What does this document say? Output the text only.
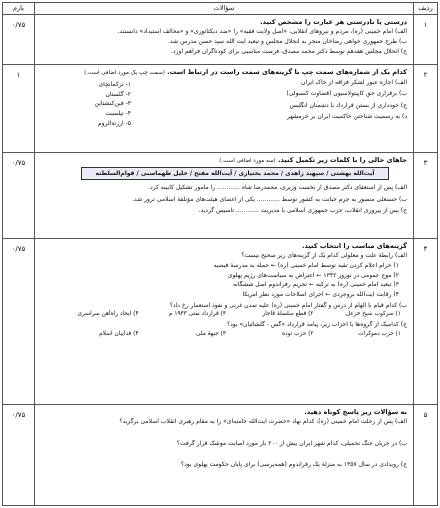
ردیف
سؤالات
بارم
۱
درستی یا نادرستی هر عبارت را مشخص کنید.
الف) امام خمینی (ره)، مردم و نیروهای انقلابی، «اصل ولایت فقیه» را «ضد دیکتاتوری» و «مخالف استبداد» دانستند.
ب) طرح جمهوری خواهی رضاخان منجر به انحلال مجلس و تبعید آیت الله سید حسن مدرس شد.
ج) انحلال مجلس هفدهم توسط دکتر محمد مصدق، فرصت مناسبی برای کودتاگران فراهم آورد.
۰/۷۵
۲
کدام یک از شماره‌های سمت چپ با گزینه‌های سمت راست در ارتباط است. (سمت چپ یک مورد اضافی است.)
الف) اجازه عبور لشکر قزاقه از خاک ایران
ب) برقراری حق کاپیتولاسیون (قضاوت کنسولی)
ج) خودداری از بستن قرارداد با دشمنان انگلیس
د) به رسمیت شناختن حاکمیت ایران بر خرمشهر
۱- ترکمانچای
۲- گلستان
۳- فین‌کنشتاین
۴- تیلسیت
۵- ارزنة‌الروم
۱
۳
جاهای خالی را با کلمات زیر تکمیل کنید. (سه مورد اضافی است.)
آیت‌الله بهشتی / سپهبد زاهدی / محمد بختیاری / آیت‌الله مفتح / خلیل طهماسبی / قوام‌السلطنه
الف) پس از استعفای دکتر مصدق از نخست وزیری، محمدرضا شاه ............ را مأمور تشکیل کابینه کرد.
ب) حسنعلی منصور به جرم خیانت به کشور توسط ............ یکی از اعضای هیئت‌های مؤتلفهٔ اسلامی ترور شد.
ج) پس از پیروزی انقلاب، حزب جمهوری اسلامی با مدیریت ............ تأسیس گردید.
۰/۷۵
۴
گزینه‌های مناسب را انتخاب کنید.
الف) رابطهٔ علت و معلولی کدام یک از گزینه‌های زیر صحیح نیست؟
۱) حرام اعلام کردن تقیه توسط امام خمینی (ره) ← حمله به مدرسهٔ فیضیه
۲) موج عمومی در نوروز ۱۳۴۲ ← اعتراض به سیاست‌های رژیم پهلوی
۳) تبعید امام خمینی (ره) به ترکیه ← تحریم رفراندوم اصل ششگانه
۴) رقابت آیت‌الله بروجردی ← اجرای اصلاحات مورد نظر آمریکا
ب) کدام قیام با الهام از درس و گفتار امام خمینی (ره) علیه تمدن غربی و نفوذ استعمار رخ داد؟
۱) سرکوب شیخ خزعل
۲) قطع سلسلهٔ قاجار
۳) قرارداد نفتی ۱۹۳۳ م
۴) ایجاد راه‌آهن سراسری
ج) کدامیک از گروه‌ها یا احزاب زیر، پیامد قرارداد «گس - گلشائیان» بود؟
۱) حزب دموکرات
۲) حزب توده
۳) جبههٔ ملی
۴) فداییان اسلام
۰/۷۵
۵
به سؤالات زیر پاسخ کوتاه دهید.
الف) پس از رحلت امام خمینی (ره)، کدام نهاد «حضرت آیت‌الله خامنه‌ای» را به مقام رهبری انقلاب اسلامی برگزید؟
ب) در جریان جنگ تحمیلی، کدام شهر ایران بیش از ۲۰۰ بار مورد اصابت موشک قرار گرفت؟
ج) رویدادی در سال ۱۳۵۷ به منزلهٔ یک رفراندوم (همه‌پرسی) برای پایان حکومت پهلوی بود؟
۰/۷۵
